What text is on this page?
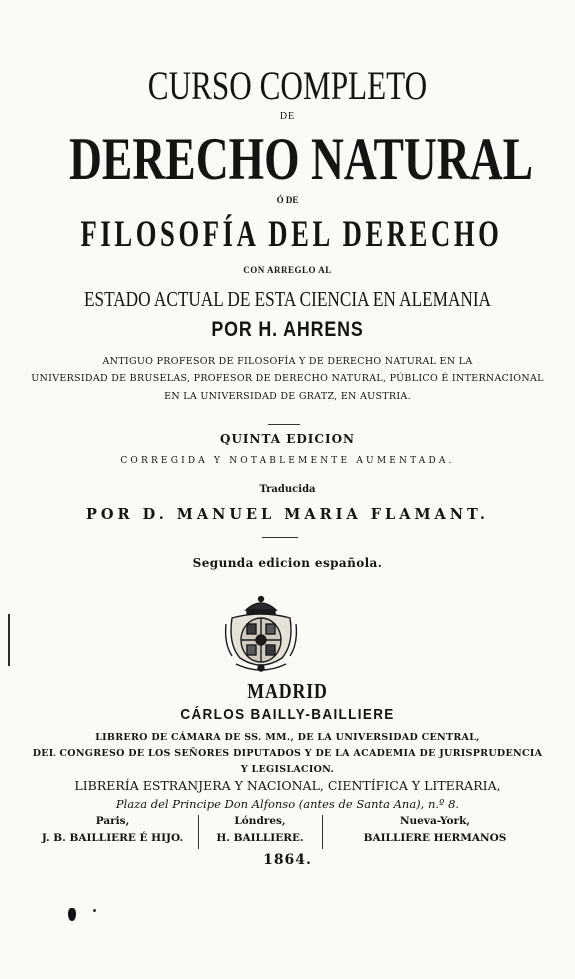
CURSO COMPLETO
DE
DERECHO NATURAL
Ó DE
FILOSOFÍA DEL DERECHO
CON ARREGLO AL
ESTADO ACTUAL DE ESTA CIENCIA EN ALEMANIA
POR H. AHRENS
ANTIGUO PROFESOR DE FILOSOFÍA Y DE DERECHO NATURAL EN LA
UNIVERSIDAD DE BRUSELAS, PROFESOR DE DERECHO NATURAL, PÚBLICO É INTERNACIONAL
EN LA UNIVERSIDAD DE GRATZ, EN AUSTRIA.
QUINTA EDICION
CORREGIDA Y NOTABLEMENTE AUMENTADA.
Traducida
POR D. MANUEL MARIA FLAMANT.
Segunda edicion española.
MADRID
CÁRLOS BAILLY-BAILLIERE
LIBRERO DE CÁMARA DE SS. MM., DE LA UNIVERSIDAD CENTRAL,
DEL CONGRESO DE LOS SEÑORES DIPUTADOS Y DE LA ACADEMIA DE JURISPRUDENCIA
Y LEGISLACION.
LIBRERÍA ESTRANJERA Y NACIONAL, CIENTÍFICA Y LITERARIA,
Plaza del Principe Don Alfonso (antes de Santa Ana), n.º 8.
Paris,
J. B. BAILLIERE É HIJO.
Lóndres,
H. BAILLIERE.
Nueva-York,
BAILLIERE HERMANOS
1864.
